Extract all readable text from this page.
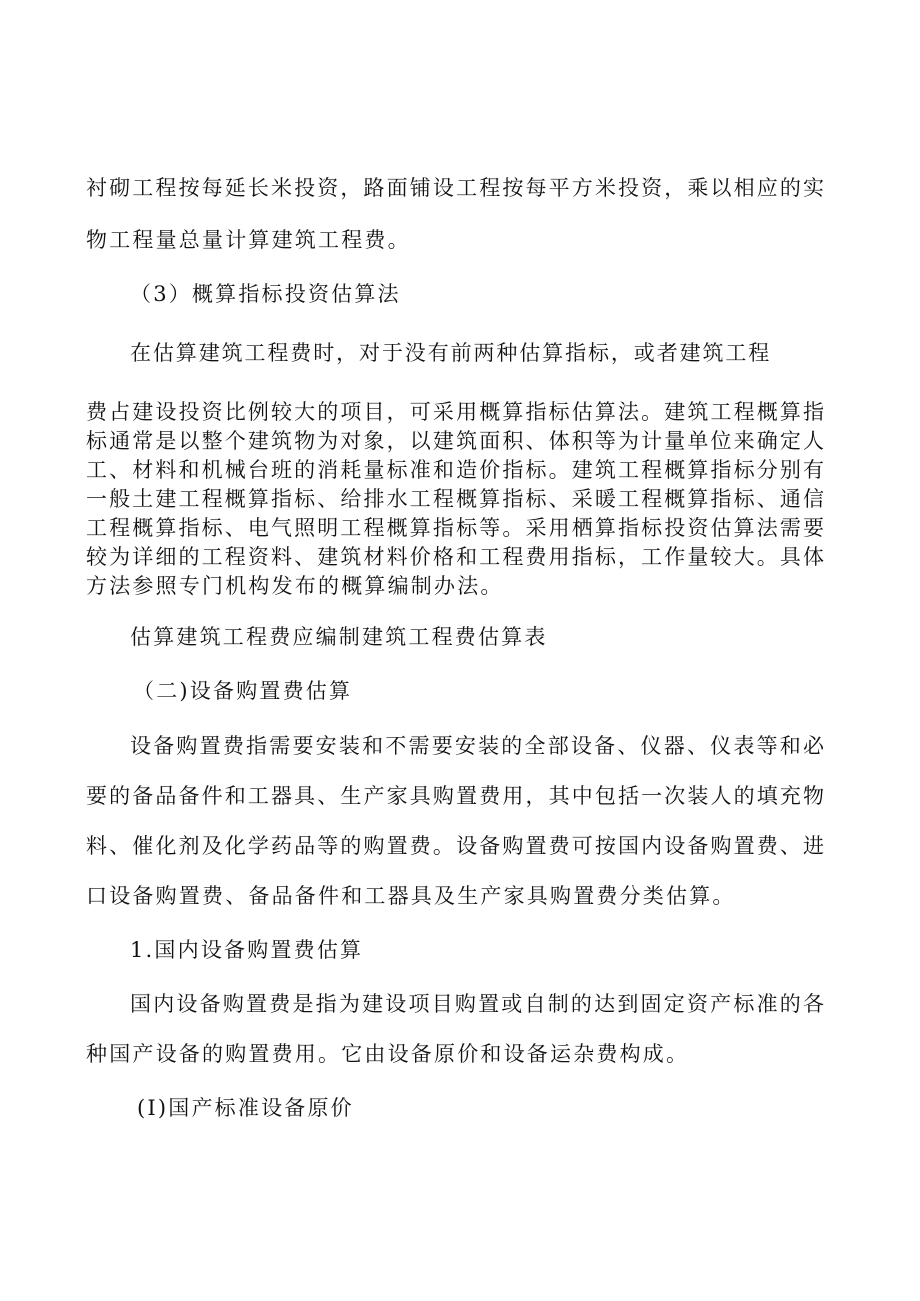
衬砌工程按每延长米投资，路面铺设工程按每平方米投资，乘以相应的实
物工程量总量计算建筑工程费。
（3）概算指标投资估算法
在估算建筑工程费时，对于没有前两种估算指标，或者建筑工程
费占建设投资比例较大的项目，可采用概算指标估算法。建筑工程概算指
标通常是以整个建筑物为对象，以建筑面积、体积等为计量单位来确定人
工、材料和机械台班的消耗量标准和造价指标。建筑工程概算指标分别有
一般土建工程概算指标、给排水工程概算指标、采暖工程概算指标、通信
工程概算指标、电气照明工程概算指标等。采用栖算指标投资估算法需要
较为详细的工程资料、建筑材料价格和工程费用指标，工作量较大。具体
方法参照专门机构发布的概算编制办法。
估算建筑工程费应编制建筑工程费估算表
（二)设备购置费估算
设备购置费指需要安装和不需要安装的全部设备、仪器、仪表等和必
要的备品备件和工器具、生产家具购置费用，其中包括一次装人的填充物
料、催化剂及化学药品等的购置费。设备购置费可按国内设备购置费、进
口设备购置费、备品备件和工器具及生产家具购置费分类估算。
1.国内设备购置费估算
国内设备购置费是指为建设项目购置或自制的达到固定资产标准的各
种国产设备的购置费用。它由设备原价和设备运杂费构成。
(I)国产标准设备原价
